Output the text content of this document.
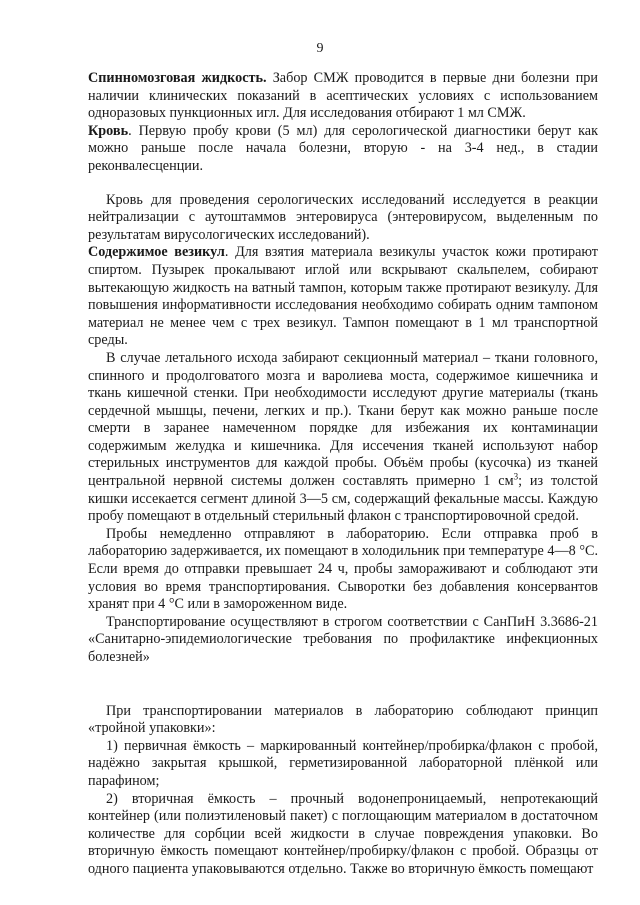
9

Спинномозговая жидкость. Забор СМЖ проводится в первые дни болезни при наличии клинических показаний в асептических условиях с использованием одноразовых пункционных игл. Для исследования отбирают 1 мл СМЖ.

Кровь. Первую пробу крови (5 мл) для серологической диагностики берут как можно раньше после начала болезни, вторую - на 3-4 нед., в стадии реконвалесценции.

Кровь для проведения серологических исследований исследуется в реакции нейтрализации с аутоштаммов энтеровируса (энтеровирусом, выделенным по результатам вирусологических исследований).

Содержимое везикул. Для взятия материала везикулы участок кожи протирают спиртом. Пузырек прокалывают иглой или вскрывают скальпелем, собирают вытекающую жидкость на ватный тампон, которым также протирают везикулу. Для повышения информативности исследования необходимо собирать одним тампоном материал не менее чем с трех везикул. Тампон помещают в 1 мл транспортной среды.

В случае летального исхода забирают секционный материал – ткани головного, спинного и продолговатого мозга и варолиева моста, содержимое кишечника и ткань кишечной стенки. При необходимости исследуют другие материалы (ткань сердечной мышцы, печени, легких и пр.). Ткани берут как можно раньше после смерти в заранее намеченном порядке для избежания их контаминации содержимым желудка и кишечника. Для иссечения тканей используют набор стерильных инструментов для каждой пробы. Объём пробы (кусочка) из тканей центральной нервной системы должен составлять примерно 1 $см^3$; из толстой кишки иссекается сегмент длиной 3—5 см, содержащий фекальные массы. Каждую пробу помещают в отдельный стерильный флакон с транспортировочной средой.

Пробы немедленно отправляют в лабораторию. Если отправка проб в лабораторию задерживается, их помещают в холодильник при температуре 4—8 °С. Если время до отправки превышает 24 ч, пробы замораживают и соблюдают эти условия во время транспортирования. Сыворотки без добавления консервантов хранят при 4 °С или в замороженном виде.

Транспортирование осуществляют в строгом соответствии с СанПиН 3.3686-21 «Санитарно-эпидемиологические требования по профилактике инфекционных болезней»

При транспортировании материалов в лабораторию соблюдают принцип «тройной упаковки»:

1) первичная ёмкость – маркированный контейнер/пробирка/флакон с пробой, надёжно закрытая крышкой, герметизированной лабораторной плёнкой или парафином;

2) вторичная ёмкость – прочный водонепроницаемый, непротекающий контейнер (или полиэтиленовый пакет) с поглощающим материалом в достаточном количестве для сорбции всей жидкости в случае повреждения упаковки. Во вторичную ёмкость помещают контейнер/пробирку/флакон с пробой. Образцы от одного пациента упаковываются отдельно. Также во вторичную ёмкость помещают
